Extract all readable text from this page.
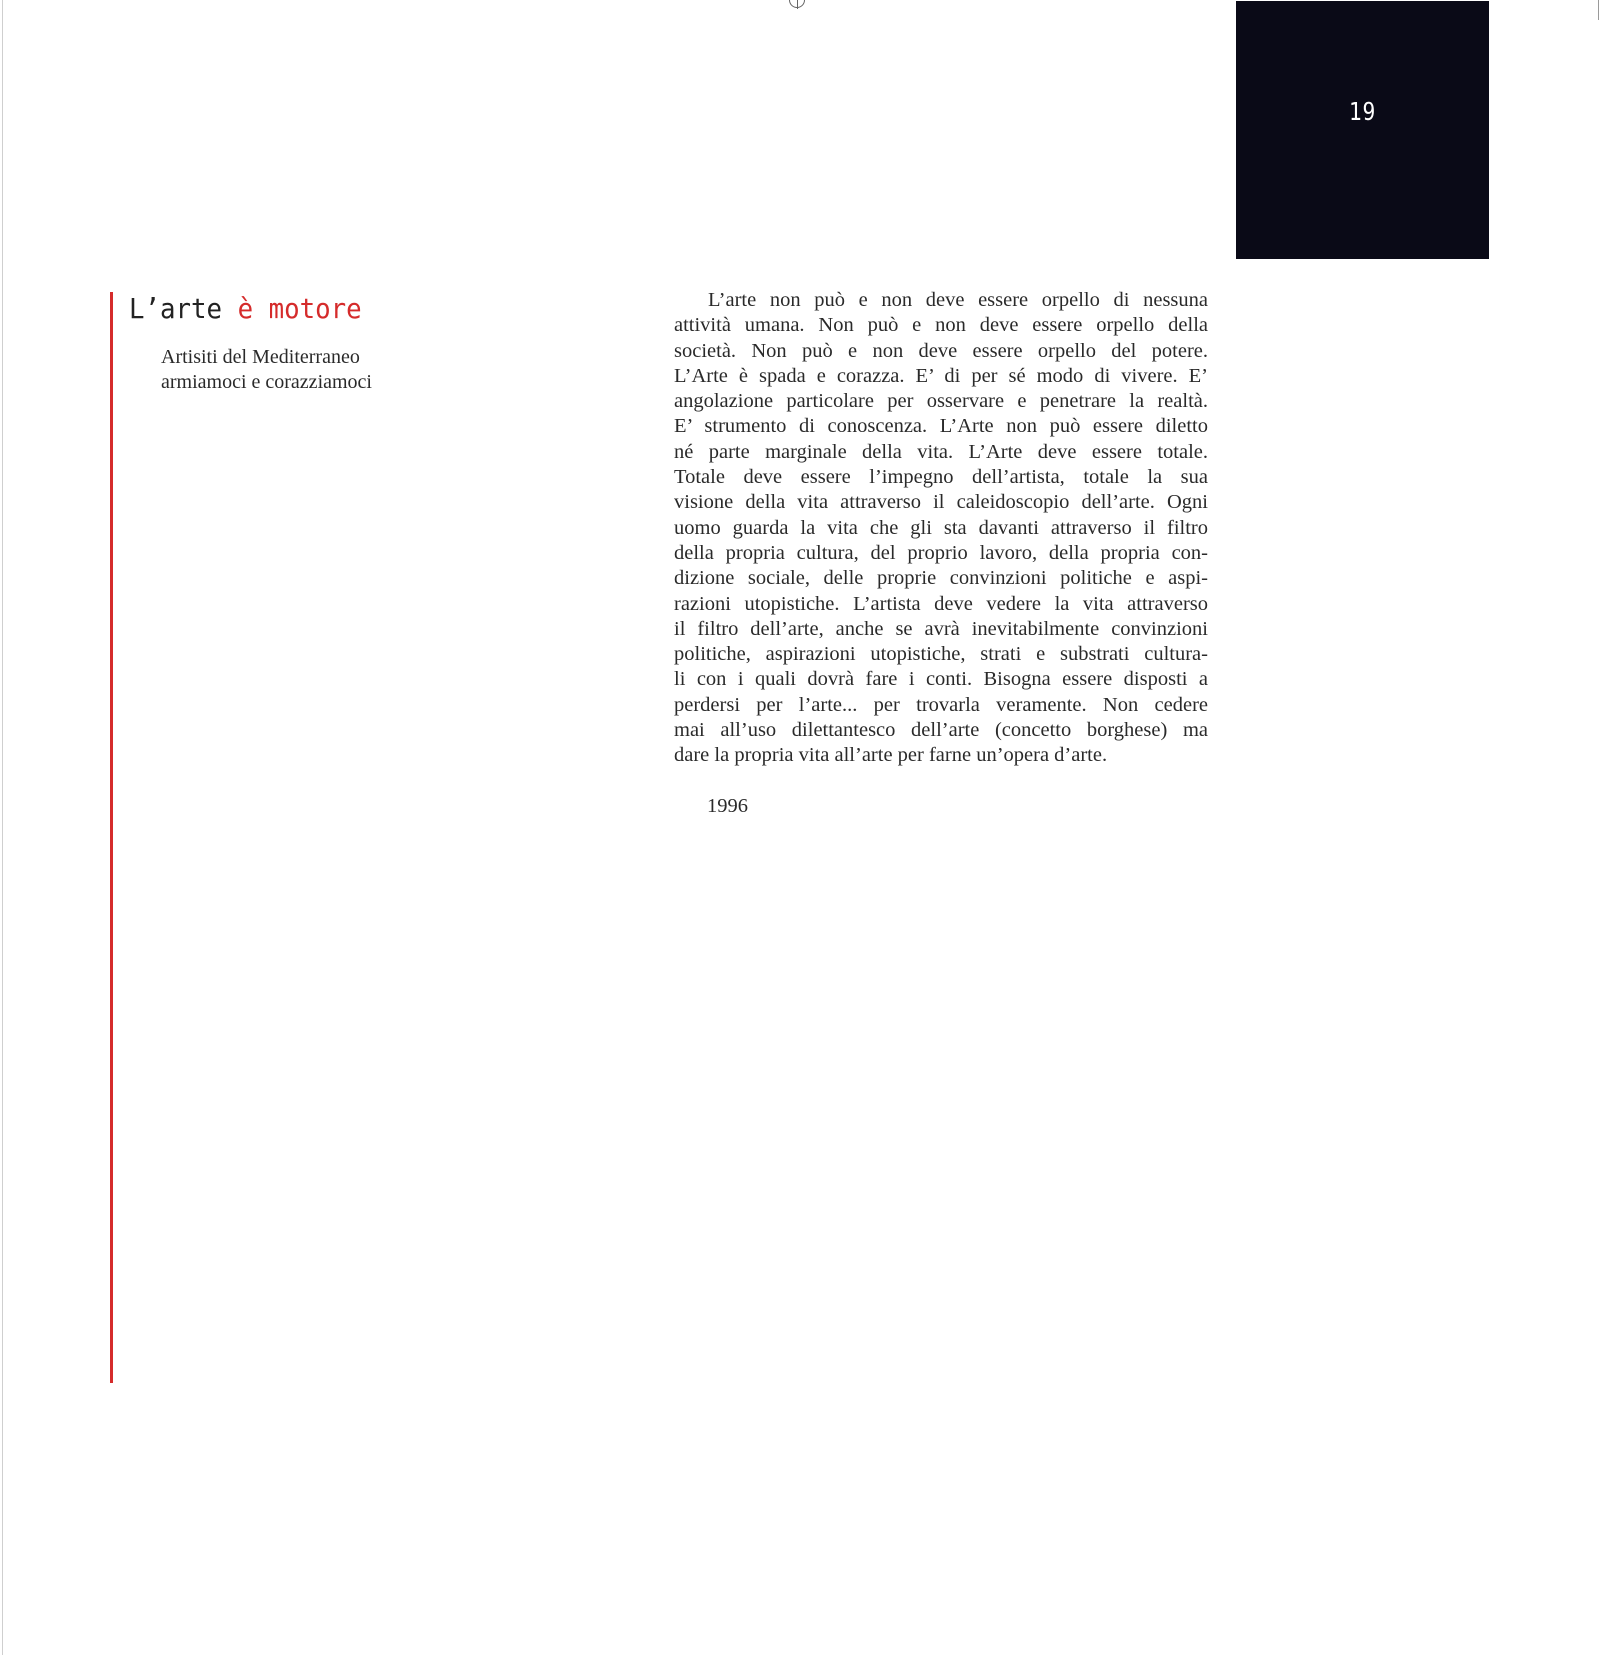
19
L’arte è motore
Artisiti del Mediterraneo
armiamoci e corazziamoci
L’arte non può e non deve essere orpello di nessuna
attività umana. Non può e non deve essere orpello della
società. Non può e non deve essere orpello del potere.
L’Arte è spada e corazza. E’ di per sé modo di vivere. E’
angolazione particolare per osservare e penetrare la realtà.
E’ strumento di conoscenza. L’Arte non può essere diletto
né parte marginale della vita. L’Arte deve essere totale.
Totale deve essere l’impegno dell’artista, totale la sua
visione della vita attraverso il caleidoscopio dell’arte. Ogni
uomo guarda la vita che gli sta davanti attraverso il filtro
della propria cultura, del proprio lavoro, della propria con-
dizione sociale, delle proprie convinzioni politiche e aspi-
razioni utopistiche. L’artista deve vedere la vita attraverso
il filtro dell’arte, anche se avrà inevitabilmente convinzioni
politiche, aspirazioni utopistiche, strati e substrati cultura-
li con i quali dovrà fare i conti. Bisogna essere disposti a
perdersi per l’arte... per trovarla veramente. Non cedere
mai all’uso dilettantesco dell’arte (concetto borghese) ma
dare la propria vita all’arte per farne un’opera d’arte.
1996
